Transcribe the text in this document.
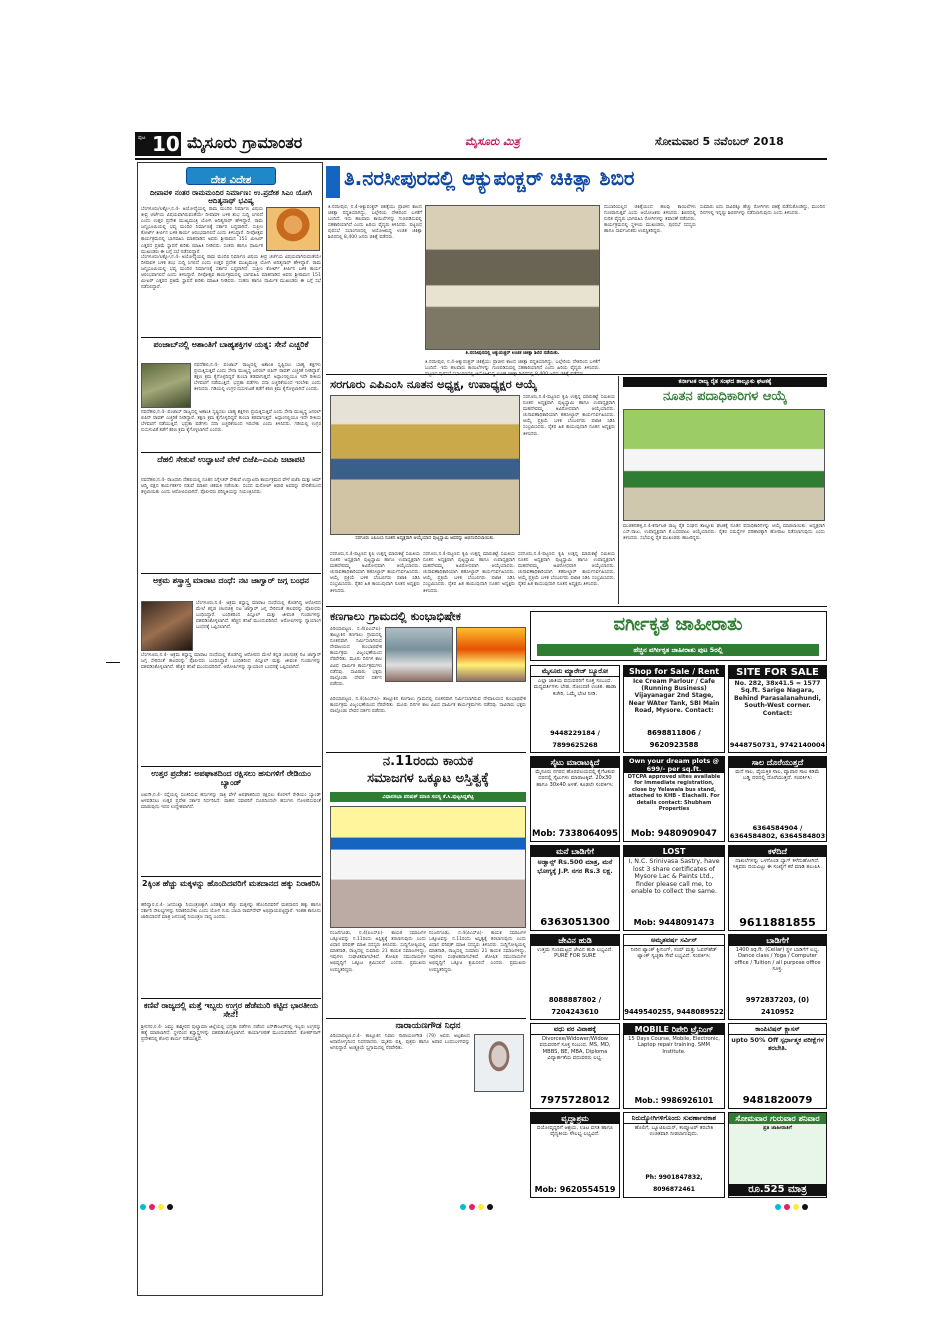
ಪುಟ 10 ಮೈಸೂರು ಗ್ರಾಮಾಂತರ	ಮೈಸೂರು ಮಿತ್ರ	ಸೋಮವಾರ 5 ನವೆಂಬರ್ 2018
ದೇಶ ವಿದೇಶ
ದೀಪಾವಳಿ ನಂತರ ರಾಮಮಂದಿರ ನಿರ್ಮಾಣ: ಉ.ಪ್ರದೇಶ ಸಿಎಂ ಯೋಗಿ ಆದಿತ್ಯನಾಥ್ ಭವಿಷ್ಯ
ಬೆಂಗಳೂರು/ಲಕ್ನೋ,ನ.4- ಅಯೋಧ್ಯೆಯಲ್ಲಿ ರಾಮ ಮಂದಿರ ನಿರ್ಮಾಣ ವಿಷಯ ತೀವ್ರ ಚರ್ಚೆಯ ವಿಷಯವಾಗಿರುವಂತೆಯೇ ದೀಪಾವಳಿ ಬಳಿಕ ಶುಭ ಸುದ್ದಿ ಸಿಗಲಿದೆ ಎಂದು ಉತ್ತರ ಪ್ರದೇಶ ಮುಖ್ಯಮಂತ್ರಿ ಯೋಗಿ ಆದಿತ್ಯನಾಥ್ ಹೇಳಿದ್ದಾರೆ. ರಾಮ ಜನ್ಮಭೂಮಿಯಲ್ಲಿ ಭವ್ಯ ಮಂದಿರ ನಿರ್ಮಾಣಕ್ಕೆ ಸರ್ಕಾರ ಬದ್ಧವಾಗಿದೆ. ಸುಪ್ರೀಂ ಕೋರ್ಟ್ ತೀರ್ಪಿನ ಬಳಿಕ ಕಾರ್ಯ ಆರಂಭವಾಗಲಿದೆ ಎಂದು ತಿಳಿಸಿದ್ದಾರೆ. ದೀಪೋತ್ಸವ ಕಾರ್ಯಕ್ರಮದಲ್ಲಿ ಭಾಗವಹಿಸಿ ಮಾತನಾಡಿದ ಅವರು ಶ್ರೀರಾಮನ 151 ಮೀಟರ್ ಎತ್ತರದ ಪ್ರತಿಮೆ ಸ್ಥಾಪನೆ ಕುರಿತು ಮಾಹಿತಿ ನೀಡಿದರು. ಸಂತರು ಹಾಗೂ ಧಾರ್ಮಿಕ ಮುಖಂಡರು ಈ ಬಗ್ಗೆ ಸಭೆ ನಡೆಸಲಿದ್ದಾರೆ.
ಬೆಂಗಳೂರು/ಲಕ್ನೋ,ನ.4- ಅಯೋಧ್ಯೆಯಲ್ಲಿ ರಾಮ ಮಂದಿರ ನಿರ್ಮಾಣ ವಿಷಯ ತೀವ್ರ ಚರ್ಚೆಯ ವಿಷಯವಾಗಿರುವಂತೆಯೇ ದೀಪಾವಳಿ ಬಳಿಕ ಶುಭ ಸುದ್ದಿ ಸಿಗಲಿದೆ ಎಂದು ಉತ್ತರ ಪ್ರದೇಶ ಮುಖ್ಯಮಂತ್ರಿ ಯೋಗಿ ಆದಿತ್ಯನಾಥ್ ಹೇಳಿದ್ದಾರೆ. ರಾಮ ಜನ್ಮಭೂಮಿಯಲ್ಲಿ ಭವ್ಯ ಮಂದಿರ ನಿರ್ಮಾಣಕ್ಕೆ ಸರ್ಕಾರ ಬದ್ಧವಾಗಿದೆ. ಸುಪ್ರೀಂ ಕೋರ್ಟ್ ತೀರ್ಪಿನ ಬಳಿಕ ಕಾರ್ಯ ಆರಂಭವಾಗಲಿದೆ ಎಂದು ತಿಳಿಸಿದ್ದಾರೆ. ದೀಪೋತ್ಸವ ಕಾರ್ಯಕ್ರಮದಲ್ಲಿ ಭಾಗವಹಿಸಿ ಮಾತನಾಡಿದ ಅವರು ಶ್ರೀರಾಮನ 151 ಮೀಟರ್ ಎತ್ತರದ ಪ್ರತಿಮೆ ಸ್ಥಾಪನೆ ಕುರಿತು ಮಾಹಿತಿ ನೀಡಿದರು. ಸಂತರು ಹಾಗೂ ಧಾರ್ಮಿಕ ಮುಖಂಡರು ಈ ಬಗ್ಗೆ ಸಭೆ ನಡೆಸಲಿದ್ದಾರೆ.
ಪಂಜಾಬ್‌ನಲ್ಲಿ ಅಶಾಂತಿಗೆ ಬಾಹ್ಯಶಕ್ತಿಗಳ ಯತ್ನ: ಸೇನೆ ಎಚ್ಚರಿಕೆ
ನವದೆಹಲಿ,ನ.4- ಪಂಜಾಬ್ ರಾಜ್ಯದಲ್ಲಿ ಅಶಾಂತಿ ಸೃಷ್ಟಿಸಲು ಬಾಹ್ಯ ಶಕ್ತಿಗಳು ಪ್ರಯತ್ನಿಸುತ್ತಿವೆ ಎಂದು ಸೇನಾ ಮುಖ್ಯಸ್ಥ ಜನರಲ್ ಬಿಪಿನ್ ರಾವತ್ ಎಚ್ಚರಿಕೆ ನೀಡಿದ್ದಾರೆ. ತಕ್ಷಣ ಕ್ರಮ ಕೈಗೊಳ್ಳದಿದ್ದರೆ ತುಂಬಾ ತಡವಾಗುತ್ತದೆ. ಅಸ್ಸಾಂನಲ್ಲಿಯೂ ಇದೇ ರೀತಿಯ ಬೆಳವಣಿಗೆ ನಡೆಯುತ್ತಿದೆ. ಭದ್ರತಾ ಪಡೆಗಳು ಸದಾ ಎಚ್ಚರಿಕೆಯಿಂದ ಇರಬೇಕು ಎಂದು ತಿಳಿಸಿದರು. ಗಡಿಯಲ್ಲಿ ಉಗ್ರರ ನುಸುಳುವಿಕೆ ತಡೆಗೆ ಕಠಿಣ ಕ್ರಮ ಕೈಗೊಳ್ಳಲಾಗಿದೆ ಎಂದರು.
ನವದೆಹಲಿ,ನ.4- ಪಂಜಾಬ್ ರಾಜ್ಯದಲ್ಲಿ ಅಶಾಂತಿ ಸೃಷ್ಟಿಸಲು ಬಾಹ್ಯ ಶಕ್ತಿಗಳು ಪ್ರಯತ್ನಿಸುತ್ತಿವೆ ಎಂದು ಸೇನಾ ಮುಖ್ಯಸ್ಥ ಜನರಲ್ ಬಿಪಿನ್ ರಾವತ್ ಎಚ್ಚರಿಕೆ ನೀಡಿದ್ದಾರೆ. ತಕ್ಷಣ ಕ್ರಮ ಕೈಗೊಳ್ಳದಿದ್ದರೆ ತುಂಬಾ ತಡವಾಗುತ್ತದೆ. ಅಸ್ಸಾಂನಲ್ಲಿಯೂ ಇದೇ ರೀತಿಯ ಬೆಳವಣಿಗೆ ನಡೆಯುತ್ತಿದೆ. ಭದ್ರತಾ ಪಡೆಗಳು ಸದಾ ಎಚ್ಚರಿಕೆಯಿಂದ ಇರಬೇಕು ಎಂದು ತಿಳಿಸಿದರು. ಗಡಿಯಲ್ಲಿ ಉಗ್ರರ ನುಸುಳುವಿಕೆ ತಡೆಗೆ ಕಠಿಣ ಕ್ರಮ ಕೈಗೊಳ್ಳಲಾಗಿದೆ ಎಂದರು.
ದೆಹಲಿ ಸೇತುವೆ ಉದ್ಘಾಟನೆ ವೇಳೆ ಬಿಜೆಪಿ–ಎಎಪಿ ಜಟಾಪಟಿ
ನವದೆಹಲಿ,ನ.4- ರಾಜಧಾನಿ ದೆಹಲಿಯಲ್ಲಿ ನೂತನ ಸಿಗ್ನೇಚರ್ ಸೇತುವೆ ಉದ್ಘಾಟನಾ ಕಾರ್ಯಕ್ರಮದ ವೇಳೆ ಬಿಜೆಪಿ ಮತ್ತು ಆಮ್ ಆದ್ಮಿ ಪಕ್ಷದ ಕಾರ್ಯಕರ್ತರ ನಡುವೆ ಮಾತಿನ ಚಕಮಕಿ ನಡೆಯಿತು. ಸಂಸದ ಮನೋಜ್ ತಿವಾರಿ ಅವರನ್ನು ವೇದಿಕೆಯಿಂದ ತಳ್ಳಲಾಯಿತು ಎಂದು ಆರೋಪಿಸಲಾಗಿದೆ. ಪೊಲೀಸರು ಪರಿಸ್ಥಿತಿಯನ್ನು ನಿಯಂತ್ರಿಸಿದರು.
ಅಕ್ರಮ ಶಸ್ತ್ರಾಸ್ತ್ರ ಮಾರಾಟ ದಂಧೆ: ನಟ ಜಾಗ್ವಾರ್ ಜಗ್ಗ ಬಂಧನ
ಬೆಂಗಳೂರು,ನ.4- ಅಕ್ರಮ ಶಸ್ತ್ರಾಸ್ತ್ರ ಮಾರಾಟ ದಂಧೆಯಲ್ಲಿ ತೊಡಗಿದ್ದ ಆರೋಪದ ಮೇಲೆ ಕನ್ನಡ ಚಲನಚಿತ್ರ ನಟ ಜಾಗ್ವಾರ್ ಜಗ್ಗ ಸೇರಿದಂತೆ ಹಲವರನ್ನು ಪೊಲೀಸರು ಬಂಧಿಸಿದ್ದಾರೆ. ಬಂಧಿತರಿಂದ ಪಿಸ್ತೂಲ್ ಮತ್ತು ಜೀವಂತ ಗುಂಡುಗಳನ್ನು ವಶಪಡಿಸಿಕೊಳ್ಳಲಾಗಿದೆ. ಹೆಚ್ಚಿನ ತನಿಖೆ ಮುಂದುವರಿದಿದೆ. ಆರೋಪಿಗಳನ್ನು ನ್ಯಾಯಾಂಗ ಬಂಧನಕ್ಕೆ ಒಪ್ಪಿಸಲಾಗಿದೆ.
ಬೆಂಗಳೂರು,ನ.4- ಅಕ್ರಮ ಶಸ್ತ್ರಾಸ್ತ್ರ ಮಾರಾಟ ದಂಧೆಯಲ್ಲಿ ತೊಡಗಿದ್ದ ಆರೋಪದ ಮೇಲೆ ಕನ್ನಡ ಚಲನಚಿತ್ರ ನಟ ಜಾಗ್ವಾರ್ ಜಗ್ಗ ಸೇರಿದಂತೆ ಹಲವರನ್ನು ಪೊಲೀಸರು ಬಂಧಿಸಿದ್ದಾರೆ. ಬಂಧಿತರಿಂದ ಪಿಸ್ತೂಲ್ ಮತ್ತು ಜೀವಂತ ಗುಂಡುಗಳನ್ನು ವಶಪಡಿಸಿಕೊಳ್ಳಲಾಗಿದೆ. ಹೆಚ್ಚಿನ ತನಿಖೆ ಮುಂದುವರಿದಿದೆ. ಆರೋಪಿಗಳನ್ನು ನ್ಯಾಯಾಂಗ ಬಂಧನಕ್ಕೆ ಒಪ್ಪಿಸಲಾಗಿದೆ.
ಉತ್ತರ ಪ್ರದೇಶ: ಅಪಘಾತದಿಂದ ರಕ್ಷಿಸಲು ಹಸುಗಳಿಗೆ ರೇಡಿಯಂ ಬ್ಯಾಂಡ್
ಲಖನೌ,ನ.4- ರಸ್ತೆಯಲ್ಲಿ ಸಂಚರಿಸುವ ಹಸುಗಳನ್ನು ರಾತ್ರಿ ವೇಳೆ ಅಪಘಾತದಿಂದ ರಕ್ಷಿಸಲು ಕೊರಳಿಗೆ ರೇಡಿಯಂ ಬ್ಯಾಂಡ್ ಅಳವಡಿಸಲು ಉತ್ತರ ಪ್ರದೇಶ ಸರ್ಕಾರ ನಿರ್ಧರಿಸಿದೆ. ವಾಹನ ಸವಾರರಿಗೆ ದೂರದಿಂದಲೇ ಹಸುಗಳು ಗೋಚರಿಸುವಂತೆ ಮಾಡುವುದು ಇದರ ಉದ್ದೇಶವಾಗಿದೆ.
2ಕ್ಕಿಂತ ಹೆಚ್ಚು ಮಕ್ಕಳನ್ನು ಹೊಂದಿದವರಿಗೆ ಮತದಾನದ ಹಕ್ಕು ನಿರಾಕರಿಸಿ
ಹರಿದ್ವಾರ,ನ.4- ಜನಸಂಖ್ಯಾ ನಿಯಂತ್ರಣಕ್ಕಾಗಿ ಎರಡಕ್ಕಿಂತ ಹೆಚ್ಚು ಮಕ್ಕಳನ್ನು ಹೊಂದಿದವರಿಗೆ ಮತದಾನದ ಹಕ್ಕು ಹಾಗೂ ಸರ್ಕಾರಿ ಸೌಲಭ್ಯಗಳನ್ನು ನಿರಾಕರಿಸಬೇಕು ಎಂದು ಯೋಗ ಗುರು ಬಾಬಾ ರಾಮ್‌ದೇವ್ ಅಭಿಪ್ರಾಯಪಟ್ಟಿದ್ದಾರೆ. ಇಂತಹ ಕಾನೂನು ಜಾರಿಯಾದರೆ ಮಾತ್ರ ಜನಸಂಖ್ಯೆ ನಿಯಂತ್ರಣ ಸಾಧ್ಯ ಎಂದರು.
ಕಣಿವೆ ರಾಜ್ಯದಲ್ಲಿ ಮತ್ತೆ ಇಬ್ಬರು ಉಗ್ರರ ಹೆಡೆಮುರಿ ಕಟ್ಟಿದ ಭಾರತೀಯ ಸೇನೆ!
ಶ್ರೀನಗರ,ನ.4- ಜಮ್ಮು ಕಾಶ್ಮೀರದ ಪುಲ್ವಾಮಾ ಜಿಲ್ಲೆಯಲ್ಲಿ ಭದ್ರತಾ ಪಡೆಗಳು ನಡೆಸಿದ ಎನ್‌ಕೌಂಟರ್‌ನಲ್ಲಿ ಇಬ್ಬರು ಉಗ್ರರನ್ನು ಹತ್ಯೆ ಮಾಡಲಾಗಿದೆ. ಸ್ಥಳದಿಂದ ಶಸ್ತ್ರಾಸ್ತ್ರಗಳನ್ನು ವಶಪಡಿಸಿಕೊಳ್ಳಲಾಗಿದೆ. ಕಾರ್ಯಾಚರಣೆ ಮುಂದುವರಿದಿದೆ. ಕೋಕರ್‌ನಾಗ್ ಪ್ರದೇಶದಲ್ಲಿ ಶೋಧ ಕಾರ್ಯ ನಡೆಯುತ್ತಿದೆ.
ತಿ.ನರಸೀಪುರದಲ್ಲಿ ಆಕ್ಯುಪಂಕ್ಚರ್ ಚಿಕಿತ್ಸಾ ಶಿಬಿರ
ತಿ.ನರಸೀಪುರ, ನ.4-ಆಕ್ಯುಪಂಕ್ಚರ್ ಚಿಕಿತ್ಸೆಯು ಪ್ರಾಚೀನ ಕಾಲದ ಚಿಕಿತ್ಸಾ ಪದ್ಧತಿಯಾಗಿದ್ದು, ಬಲ್ಗೇರಿಯ ದೇಶದಿಂದ ಬಳಕೆಗೆ ಬಂದಿದೆ. ಇದು ಹಲವಾರು ಕಾಯಿಲೆಗಳನ್ನು ಗುಣಪಡಿಸುವಲ್ಲಿ ಸಹಕಾರಿಯಾಗಿದೆ ಎಂದು ಹಿರಿಯ ವೈದ್ಯರು ತಿಳಿಸಿದರು. ಪಟ್ಟಣದ ಪುರಸಭೆ ಸಭಾಂಗಣದಲ್ಲಿ ಆಯೋಜಿಸಿದ್ದ ಉಚಿತ ಚಿಕಿತ್ಸಾ ಶಿಬಿರದಲ್ಲಿ 8,400 ಜನರು ಚಿಕಿತ್ಸೆ ಪಡೆದರು.
ತಿ.ನರಸೀಪುರದಲ್ಲಿ ಆಕ್ಯುಪಂಕ್ಚರ್ ಉಚಿತ ಚಿಕಿತ್ಸಾ ಶಿಬಿರ ನಡೆಯಿತು.
ದುಬಾರಿಯಲ್ಲದ ಚಿಕಿತ್ಸೆಯಿಂದ ಹಲವು ಕಾಯಿಲೆಗಳು ಗುಣವಾಗುತ್ತವೆ ಎಂದು ಆಯೋಜಕರು ತಿಳಿಸಿದರು. ಶಿಬಿರದಲ್ಲಿ ನುರಿತ ವೈದ್ಯರು ಭಾಗವಹಿಸಿ ರೋಗಿಗಳನ್ನು ತಪಾಸಣೆ ನಡೆಸಿದರು. ಕಾರ್ಯಕ್ರಮದಲ್ಲಿ ಸ್ಥಳೀಯ ಮುಖಂಡರು, ಪುರಸಭೆ ಸದಸ್ಯರು ಹಾಗೂ ಸಾರ್ವಜನಿಕರು ಉಪಸ್ಥಿತರಿದ್ದರು.
ಸುಮಾರು ಐದು ಸಾವಿರಕ್ಕೂ ಹೆಚ್ಚು ರೋಗಿಗಳು ಚಿಕಿತ್ಸೆ ಪಡೆದುಕೊಂಡಿದ್ದು, ಮುಂದಿನ ದಿನಗಳಲ್ಲಿ ಇನ್ನಷ್ಟು ಶಿಬಿರಗಳನ್ನು ನಡೆಸಲಾಗುವುದು ಎಂದು ತಿಳಿಸಿದರು.
ತಿ.ನರಸೀಪುರ, ನ.4-ಆಕ್ಯುಪಂಕ್ಚರ್ ಚಿಕಿತ್ಸೆಯು ಪ್ರಾಚೀನ ಕಾಲದ ಚಿಕಿತ್ಸಾ ಪದ್ಧತಿಯಾಗಿದ್ದು, ಬಲ್ಗೇರಿಯ ದೇಶದಿಂದ ಬಳಕೆಗೆ ಬಂದಿದೆ. ಇದು ಹಲವಾರು ಕಾಯಿಲೆಗಳನ್ನು ಗುಣಪಡಿಸುವಲ್ಲಿ ಸಹಕಾರಿಯಾಗಿದೆ ಎಂದು ಹಿರಿಯ ವೈದ್ಯರು ತಿಳಿಸಿದರು.
ಸರಗೂರು ಎಪಿಎಂಸಿ ನೂತನ ಅಧ್ಯಕ್ಷ, ಉಪಾಧ್ಯಕ್ಷರ ಆಯ್ಕೆ
ಸರಗೂರು ಎಪಿಎಂಸಿ ನೂತನ ಅಧ್ಯಕ್ಷರಾಗಿ ಆಯ್ಕೆಯಾದ ಪುಟ್ಟಸ್ವಾಮಿ ಅವರನ್ನು ಅಭಿನಂದಿಸಲಾಯಿತು.
ಸರಗೂರು,ನ.4-ಪಟ್ಟಣದ ಕೃಷಿ ಉತ್ಪನ್ನ ಮಾರುಕಟ್ಟೆ ಸಮಿತಿಯ ನೂತನ ಅಧ್ಯಕ್ಷರಾಗಿ ಪುಟ್ಟಸ್ವಾಮಿ ಹಾಗೂ ಉಪಾಧ್ಯಕ್ಷರಾಗಿ ಮಹದೇವಮ್ಮ ಅವಿರೋಧವಾಗಿ ಆಯ್ಕೆಯಾದರು. ಚುನಾವಣಾಧಿಕಾರಿಯಾಗಿ ತಹಸೀಲ್ದಾರ್ ಕಾರ್ಯನಿರ್ವಹಿಸಿದರು. ಆಯ್ಕೆ ಪ್ರಕ್ರಿಯೆ ಬಳಿಕ ಬೆಂಬಲಿಗರು ಪಟಾಕಿ ಸಿಡಿಸಿ ಸಂಭ್ರಮಿಸಿದರು. ರೈತರ ಹಿತ ಕಾಯುವುದಾಗಿ ನೂತನ ಅಧ್ಯಕ್ಷರು ತಿಳಿಸಿದರು.
ಸರಗೂರು,ನ.4-ಪಟ್ಟಣದ ಕೃಷಿ ಉತ್ಪನ್ನ ಮಾರುಕಟ್ಟೆ ಸಮಿತಿಯ ನೂತನ ಅಧ್ಯಕ್ಷರಾಗಿ ಪುಟ್ಟಸ್ವಾಮಿ ಹಾಗೂ ಉಪಾಧ್ಯಕ್ಷರಾಗಿ ಮಹದೇವಮ್ಮ ಅವಿರೋಧವಾಗಿ ಆಯ್ಕೆಯಾದರು. ಚುನಾವಣಾಧಿಕಾರಿಯಾಗಿ ತಹಸೀಲ್ದಾರ್ ಕಾರ್ಯನಿರ್ವಹಿಸಿದರು. ಆಯ್ಕೆ ಪ್ರಕ್ರಿಯೆ ಬಳಿಕ ಬೆಂಬಲಿಗರು ಪಟಾಕಿ ಸಿಡಿಸಿ ಸಂಭ್ರಮಿಸಿದರು. ರೈತರ ಹಿತ ಕಾಯುವುದಾಗಿ ನೂತನ ಅಧ್ಯಕ್ಷರು ತಿಳಿಸಿದರು.
ಸರಗೂರು,ನ.4-ಪಟ್ಟಣದ ಕೃಷಿ ಉತ್ಪನ್ನ ಮಾರುಕಟ್ಟೆ ಸಮಿತಿಯ ನೂತನ ಅಧ್ಯಕ್ಷರಾಗಿ ಪುಟ್ಟಸ್ವಾಮಿ ಹಾಗೂ ಉಪಾಧ್ಯಕ್ಷರಾಗಿ ಮಹದೇವಮ್ಮ ಅವಿರೋಧವಾಗಿ ಆಯ್ಕೆಯಾದರು. ಚುನಾವಣಾಧಿಕಾರಿಯಾಗಿ ತಹಸೀಲ್ದಾರ್ ಕಾರ್ಯನಿರ್ವಹಿಸಿದರು. ಆಯ್ಕೆ ಪ್ರಕ್ರಿಯೆ ಬಳಿಕ ಬೆಂಬಲಿಗರು ಪಟಾಕಿ ಸಿಡಿಸಿ ಸಂಭ್ರಮಿಸಿದರು. ರೈತರ ಹಿತ ಕಾಯುವುದಾಗಿ ನೂತನ ಅಧ್ಯಕ್ಷರು ತಿಳಿಸಿದರು.
ಸರಗೂರು,ನ.4-ಪಟ್ಟಣದ ಕೃಷಿ ಉತ್ಪನ್ನ ಮಾರುಕಟ್ಟೆ ಸಮಿತಿಯ ನೂತನ ಅಧ್ಯಕ್ಷರಾಗಿ ಪುಟ್ಟಸ್ವಾಮಿ ಹಾಗೂ ಉಪಾಧ್ಯಕ್ಷರಾಗಿ ಮಹದೇವಮ್ಮ ಅವಿರೋಧವಾಗಿ ಆಯ್ಕೆಯಾದರು. ಚುನಾವಣಾಧಿಕಾರಿಯಾಗಿ ತಹಸೀಲ್ದಾರ್ ಕಾರ್ಯನಿರ್ವಹಿಸಿದರು. ಆಯ್ಕೆ ಪ್ರಕ್ರಿಯೆ ಬಳಿಕ ಬೆಂಬಲಿಗರು ಪಟಾಕಿ ಸಿಡಿಸಿ ಸಂಭ್ರಮಿಸಿದರು. ರೈತರ ಹಿತ ಕಾಯುವುದಾಗಿ ನೂತನ ಅಧ್ಯಕ್ಷರು ತಿಳಿಸಿದರು.
ಕರ್ನಾಟಕ ರಾಜ್ಯ ರೈತ ಸಂಘದ ತಾಲ್ಲೂಕು ಘಟಕಕ್ಕೆ
ನೂತನ ಪದಾಧಿಕಾರಿಗಳ ಆಯ್ಕೆ
ಮುಡಕನಹಳ್ಳಿ,ನ.4-ಕರ್ನಾಟಕ ರಾಜ್ಯ ರೈತ ಸಂಘದ ತಾಲ್ಲೂಕು ಘಟಕಕ್ಕೆ ನೂತನ ಪದಾಧಿಕಾರಿಗಳನ್ನು ಆಯ್ಕೆ ಮಾಡಲಾಯಿತು. ಅಧ್ಯಕ್ಷರಾಗಿ ಎಸ್.ರಾಜು, ಉಪಾಧ್ಯಕ್ಷರಾಗಿ ಕೆ.ಬಸವರಾಜು ಆಯ್ಕೆಯಾದರು. ರೈತರ ಸಮಸ್ಯೆಗಳ ಪರಿಹಾರಕ್ಕಾಗಿ ಹೋರಾಟ ನಡೆಸಲಾಗುವುದು ಎಂದು ತಿಳಿಸಿದರು. ಸಭೆಯಲ್ಲಿ ರೈತ ಮುಖಂಡರು ಹಾಜರಿದ್ದರು.
ಕಣಗಾಲು ಗ್ರಾಮದಲ್ಲಿ ಕುಂಭಾಭಿಷೇಕ
ಪಿರಿಯಾಪಟ್ಟಣ, ನ.4(ಪಿಎಸ್‌ಪಿ)- ತಾಲ್ಲೂಕಿನ ಕಣಗಾಲು ಗ್ರಾಮದಲ್ಲಿ ನೂತನವಾಗಿ ನಿರ್ಮಿಸಲಾಗಿರುವ ದೇವಾಲಯದ ಕುಂಭಾಭಿಷೇಕ ಕಾರ್ಯಕ್ರಮ ವಿಜೃಂಭಣೆಯಿಂದ ನೆರವೇರಿತು. ಮೂರು ದಿನಗಳ ಕಾಲ ವಿವಿಧ ಧಾರ್ಮಿಕ ಕಾರ್ಯಕ್ರಮಗಳು ನಡೆದವು. ಸಾವಿರಾರು ಭಕ್ತರು ಪಾಲ್ಗೊಂಡು ದೇವರ ದರ್ಶನ ಪಡೆದರು.
ಪಿರಿಯಾಪಟ್ಟಣ, ನ.4(ಪಿಎಸ್‌ಪಿ)- ತಾಲ್ಲೂಕಿನ ಕಣಗಾಲು ಗ್ರಾಮದಲ್ಲಿ ನೂತನವಾಗಿ ನಿರ್ಮಿಸಲಾಗಿರುವ ದೇವಾಲಯದ ಕುಂಭಾಭಿಷೇಕ ಕಾರ್ಯಕ್ರಮ ವಿಜೃಂಭಣೆಯಿಂದ ನೆರವೇರಿತು. ಮೂರು ದಿನಗಳ ಕಾಲ ವಿವಿಧ ಧಾರ್ಮಿಕ ಕಾರ್ಯಕ್ರಮಗಳು ನಡೆದವು. ಸಾವಿರಾರು ಭಕ್ತರು ಪಾಲ್ಗೊಂಡು ದೇವರ ದರ್ಶನ ಪಡೆದರು.
ನ.11ರಂದು ಕಾಯಕ
ಸಮಾಜಗಳ ಒಕ್ಕೂಟ ಅಸ್ತಿತ್ವಕ್ಕೆ
ವಿಧಾನಸಭಾ ಪರಿಷತ್ ಮಾಜಿ ಸದಸ್ಯ ಕೆ.ಸಿ.ಪುಟ್ಟಸಿದ್ದಶೆಟ್ಟಿ
ನಂಜನಗೂಡು, ನ.4(ಪಿಎಸ್‌ಪಿ)- ಕಾಯಕ ಸಮಾಜಗಳ ಒಕ್ಕೂಟವನ್ನು ನ.11ರಂದು ಅಸ್ತಿತ್ವಕ್ಕೆ ತರಲಾಗುವುದು ಎಂದು ವಿಧಾನ ಪರಿಷತ್ ಮಾಜಿ ಸದಸ್ಯರು ತಿಳಿಸಿದರು. ಸುದ್ದಿಗೋಷ್ಠಿಯಲ್ಲಿ ಮಾತನಾಡಿ, ರಾಜ್ಯದಲ್ಲಿ ಸುಮಾರು 21 ಕಾಯಕ ಸಮಾಜಗಳಿದ್ದು, ಇವುಗಳು ಸಂಘಟಿತವಾಗಬೇಕಿದೆ. ಶೋಷಿತ ಸಮುದಾಯಗಳ ಅಭಿವೃದ್ಧಿಗೆ ಒಕ್ಕೂಟ ಶ್ರಮಿಸಲಿದೆ ಎಂದರು. ಪ್ರಮುಖರು ಉಪಸ್ಥಿತರಿದ್ದರು.
ನಂಜನಗೂಡು, ನ.4(ಪಿಎಸ್‌ಪಿ)- ಕಾಯಕ ಸಮಾಜಗಳ ಒಕ್ಕೂಟವನ್ನು ನ.11ರಂದು ಅಸ್ತಿತ್ವಕ್ಕೆ ತರಲಾಗುವುದು ಎಂದು ವಿಧಾನ ಪರಿಷತ್ ಮಾಜಿ ಸದಸ್ಯರು ತಿಳಿಸಿದರು. ಸುದ್ದಿಗೋಷ್ಠಿಯಲ್ಲಿ ಮಾತನಾಡಿ, ರಾಜ್ಯದಲ್ಲಿ ಸುಮಾರು 21 ಕಾಯಕ ಸಮಾಜಗಳಿದ್ದು, ಇವುಗಳು ಸಂಘಟಿತವಾಗಬೇಕಿದೆ. ಶೋಷಿತ ಸಮುದಾಯಗಳ ಅಭಿವೃದ್ಧಿಗೆ ಒಕ್ಕೂಟ ಶ್ರಮಿಸಲಿದೆ ಎಂದರು. ಪ್ರಮುಖರು ಉಪಸ್ಥಿತರಿದ್ದರು.
ನಾರಾಯಣಗೌಡ ನಿಧನ
ಪಿರಿಯಾಪಟ್ಟಣ,ನ.4- ತಾಲ್ಲೂಕಿನ ನಿವಾಸಿ ನಾರಾಯಣಗೌಡ (79) ಅವರು ಅಲ್ಪಕಾಲದ ಅನಾರೋಗ್ಯದಿಂದ ನಿಧನರಾದರು. ಮೃತರು ಪತ್ನಿ, ಪುತ್ರರು ಹಾಗೂ ಅಪಾರ ಬಂಧುಬಳಗವನ್ನು ಅಗಲಿದ್ದಾರೆ. ಅಂತ್ಯಕ್ರಿಯೆ ಸ್ವಗ್ರಾಮದಲ್ಲಿ ನೆರವೇರಿತು.
ವರ್ಗೀಕೃತ ಜಾಹೀರಾತು
ಹೆಚ್ಚಿನ ವರ್ಗೀಕೃತ ಜಾಹೀರಾತು ಪುಟ 5ರಲ್ಲಿ
ಮೈಸೂರು ಮ್ಯಾರೇಜ್ ಬ್ಯೂರೋ
ಎಲ್ಲಾ ಜಾತಿಯ ವಧುವರರಿಗೆ ಸೂಕ್ತ ಸಂಬಂಧ. ಮಧ್ಯವರ್ತಿಗಳು ಬೇಡ. ನೋಂದಣಿ ಉಚಿತ. ಹಾಡಾ ಕಚೇರಿ, ಒಮ್ಮೆ ಭೇಟಿ ನೀಡಿ.
9448229184 / 7899625268
Shop for Sale / Rent
Ice Cream Parlour / Cafe (Running Business) Vijayanagar 2nd Stage, Near WAter Tank, SBI Main Road, Mysore. Contact:
8698811806 / 9620923588
SITE FOR SALE
No. 282, 38x41.5 = 1577 Sq.ft. Sarige Nagara, Behind Parasalanahundi, South-West corner. Contact:
9448750731, 9742140004
ಸೈಟು ಮಾರಾಟಕ್ಕಿದೆ
ಮೈಸೂರು ನಗರದ ಹೊರವಲಯದಲ್ಲಿ ಕೈಗೆಟಕುವ ದರದಲ್ಲಿ ಸೈಟುಗಳು ಮಾರಾಟಕ್ಕಿವೆ. 20x30 ಹಾಗೂ 30x40 ಅಳತೆ. ಕೂಡಲೇ ಸಂಪರ್ಕಿಸಿ:
Mob: 7338064095
Own your dream plots @ 699/- per sq.ft.
DTCPA approved sites available for immediate registration, close by Yelawala bus stand, attached to KHB - Elachalli. For details contact: Shubham Properties
Mob: 9480909047
ಸಾಲ ದೊರೆಯುತ್ತದೆ
ಮನೆ ಸಾಲ, ವೈಯಕ್ತಿಕ ಸಾಲ, ವ್ಯಾಪಾರ ಸಾಲ ಕಡಿಮೆ ಬಡ್ಡಿ ದರದಲ್ಲಿ ದೊರೆಯುತ್ತದೆ. ಸಂಪರ್ಕಿಸಿ:
6364584904 / 6364584802, 6364584803
ಮನೆ ಬಾಡಿಗೆಗೆ
ಅಡ್ವಾನ್ಸ್ Rs.500 ಮಾತ್ರ, ಮನೆ ಭೋಗ್ಯಕ್ಕೆ J.P. ನಗರ Rs.3 ಲಕ್ಷ.
6363051300
LOST
I, N.C. Srinivasa Sastry, have lost 3 share certificates of Mysore Lac & Paints Ltd., finder please call me, to enable to collect the same.
Mob: 9448091473
ಕಳೆದಿದೆ
ದಾಖಲೆಗಳನ್ನು ಒಳಗೊಂಡ ಬ್ಯಾಗ್ ಕಳೆದುಹೋಗಿದೆ. ಸಿಕ್ಕವರು ದಯವಿಟ್ಟು ಈ ಸಂಖ್ಯೆಗೆ ಕರೆ ಮಾಡಿ ತಲುಪಿಸಿ.
9611881855
ಜೇವಿನ ಹುಡಿ
ಉತ್ತಮ ಗುಣಮಟ್ಟದ ಜೇವಿನ ಹುಡಿ ಲಭ್ಯವಿದೆ. PURE FOR SURE
8088887802 / 7204243610
ಅಮೃತವರ್ಷ ಸರ್ವಿಸ್
ನೀರಿನ ಟ್ಯಾಂಕ್ ಕ್ಲೀನಿಂಗ್, ಸಂಪ್ ಮತ್ತು ಓವರ್‌ಹೆಡ್ ಟ್ಯಾಂಕ್ ಸ್ವಚ್ಛತಾ ಸೇವೆ ಲಭ್ಯವಿದೆ. ಸಂಪರ್ಕಿಸಿ:
9449540255, 9448089522
ಬಾಡಿಗೆಗೆ
1400 sq.ft. (Cellar) ಸ್ಥಳ ಬಾಡಿಗೆಗೆ ಲಭ್ಯ. Dance class / Yoga / Computer office / Tuition / all purpose office ಸೂಕ್ತ.
9972837203, (0) 2410952
ವಧು ವರ ವಿವಾಹಕ್ಕೆ
Divorcee/Widower/Widow ವಧುವರರಿಗೆ ಸೂಕ್ತ ಸಂಬಂಧ. MS, MD, MBBS, BE, MBA, Diploma ವಿದ್ಯಾರ್ಹತೆಯ ವಧುವರರು ಲಭ್ಯ.
7975728012
MOBILE ರಿಪೇರಿ ಟ್ರೈನಿಂಗ್
15 Days Course, Mobile, Electronic, Laptop repair training. SMM Institute.
Mob.: 9986926101
ಕಾಂಪಿಟಿಷನ್ ಕ್ಲಾಸಸ್
upto 50% Off ಸ್ಪರ್ಧಾತ್ಮಕ ಪರೀಕ್ಷೆಗಳ ತರಬೇತಿ.
9481820079
ವೃದ್ಧಾಶ್ರಮ
ವಯೋವೃದ್ಧರಿಗೆ ಆಶ್ರಯ, ಊಟ ವಸತಿ ಹಾಗೂ ವೈದ್ಯಕೀಯ ಸೌಲಭ್ಯ ಲಭ್ಯವಿದೆ.
Mob: 9620554519
ನಿರುದ್ಯೋಗಿಗಳಿಗೊಂದು ಸುವರ್ಣಾವಕಾಶ
ಹೊಲಿಗೆ, ಬ್ಯೂಟಿಷಿಯನ್, ಕಂಪ್ಯೂಟರ್ ತರಬೇತಿ ಉಚಿತವಾಗಿ ನೀಡಲಾಗುವುದು.
Ph: 9901847832, 8096872461
ಸೋಮವಾರ ಗುರುವಾರ ಶನಿವಾರ
ಪ್ರತಿ ಜಾಹೀರಾತಿಗೆ
ರೂ.525 ಮಾತ್ರ
